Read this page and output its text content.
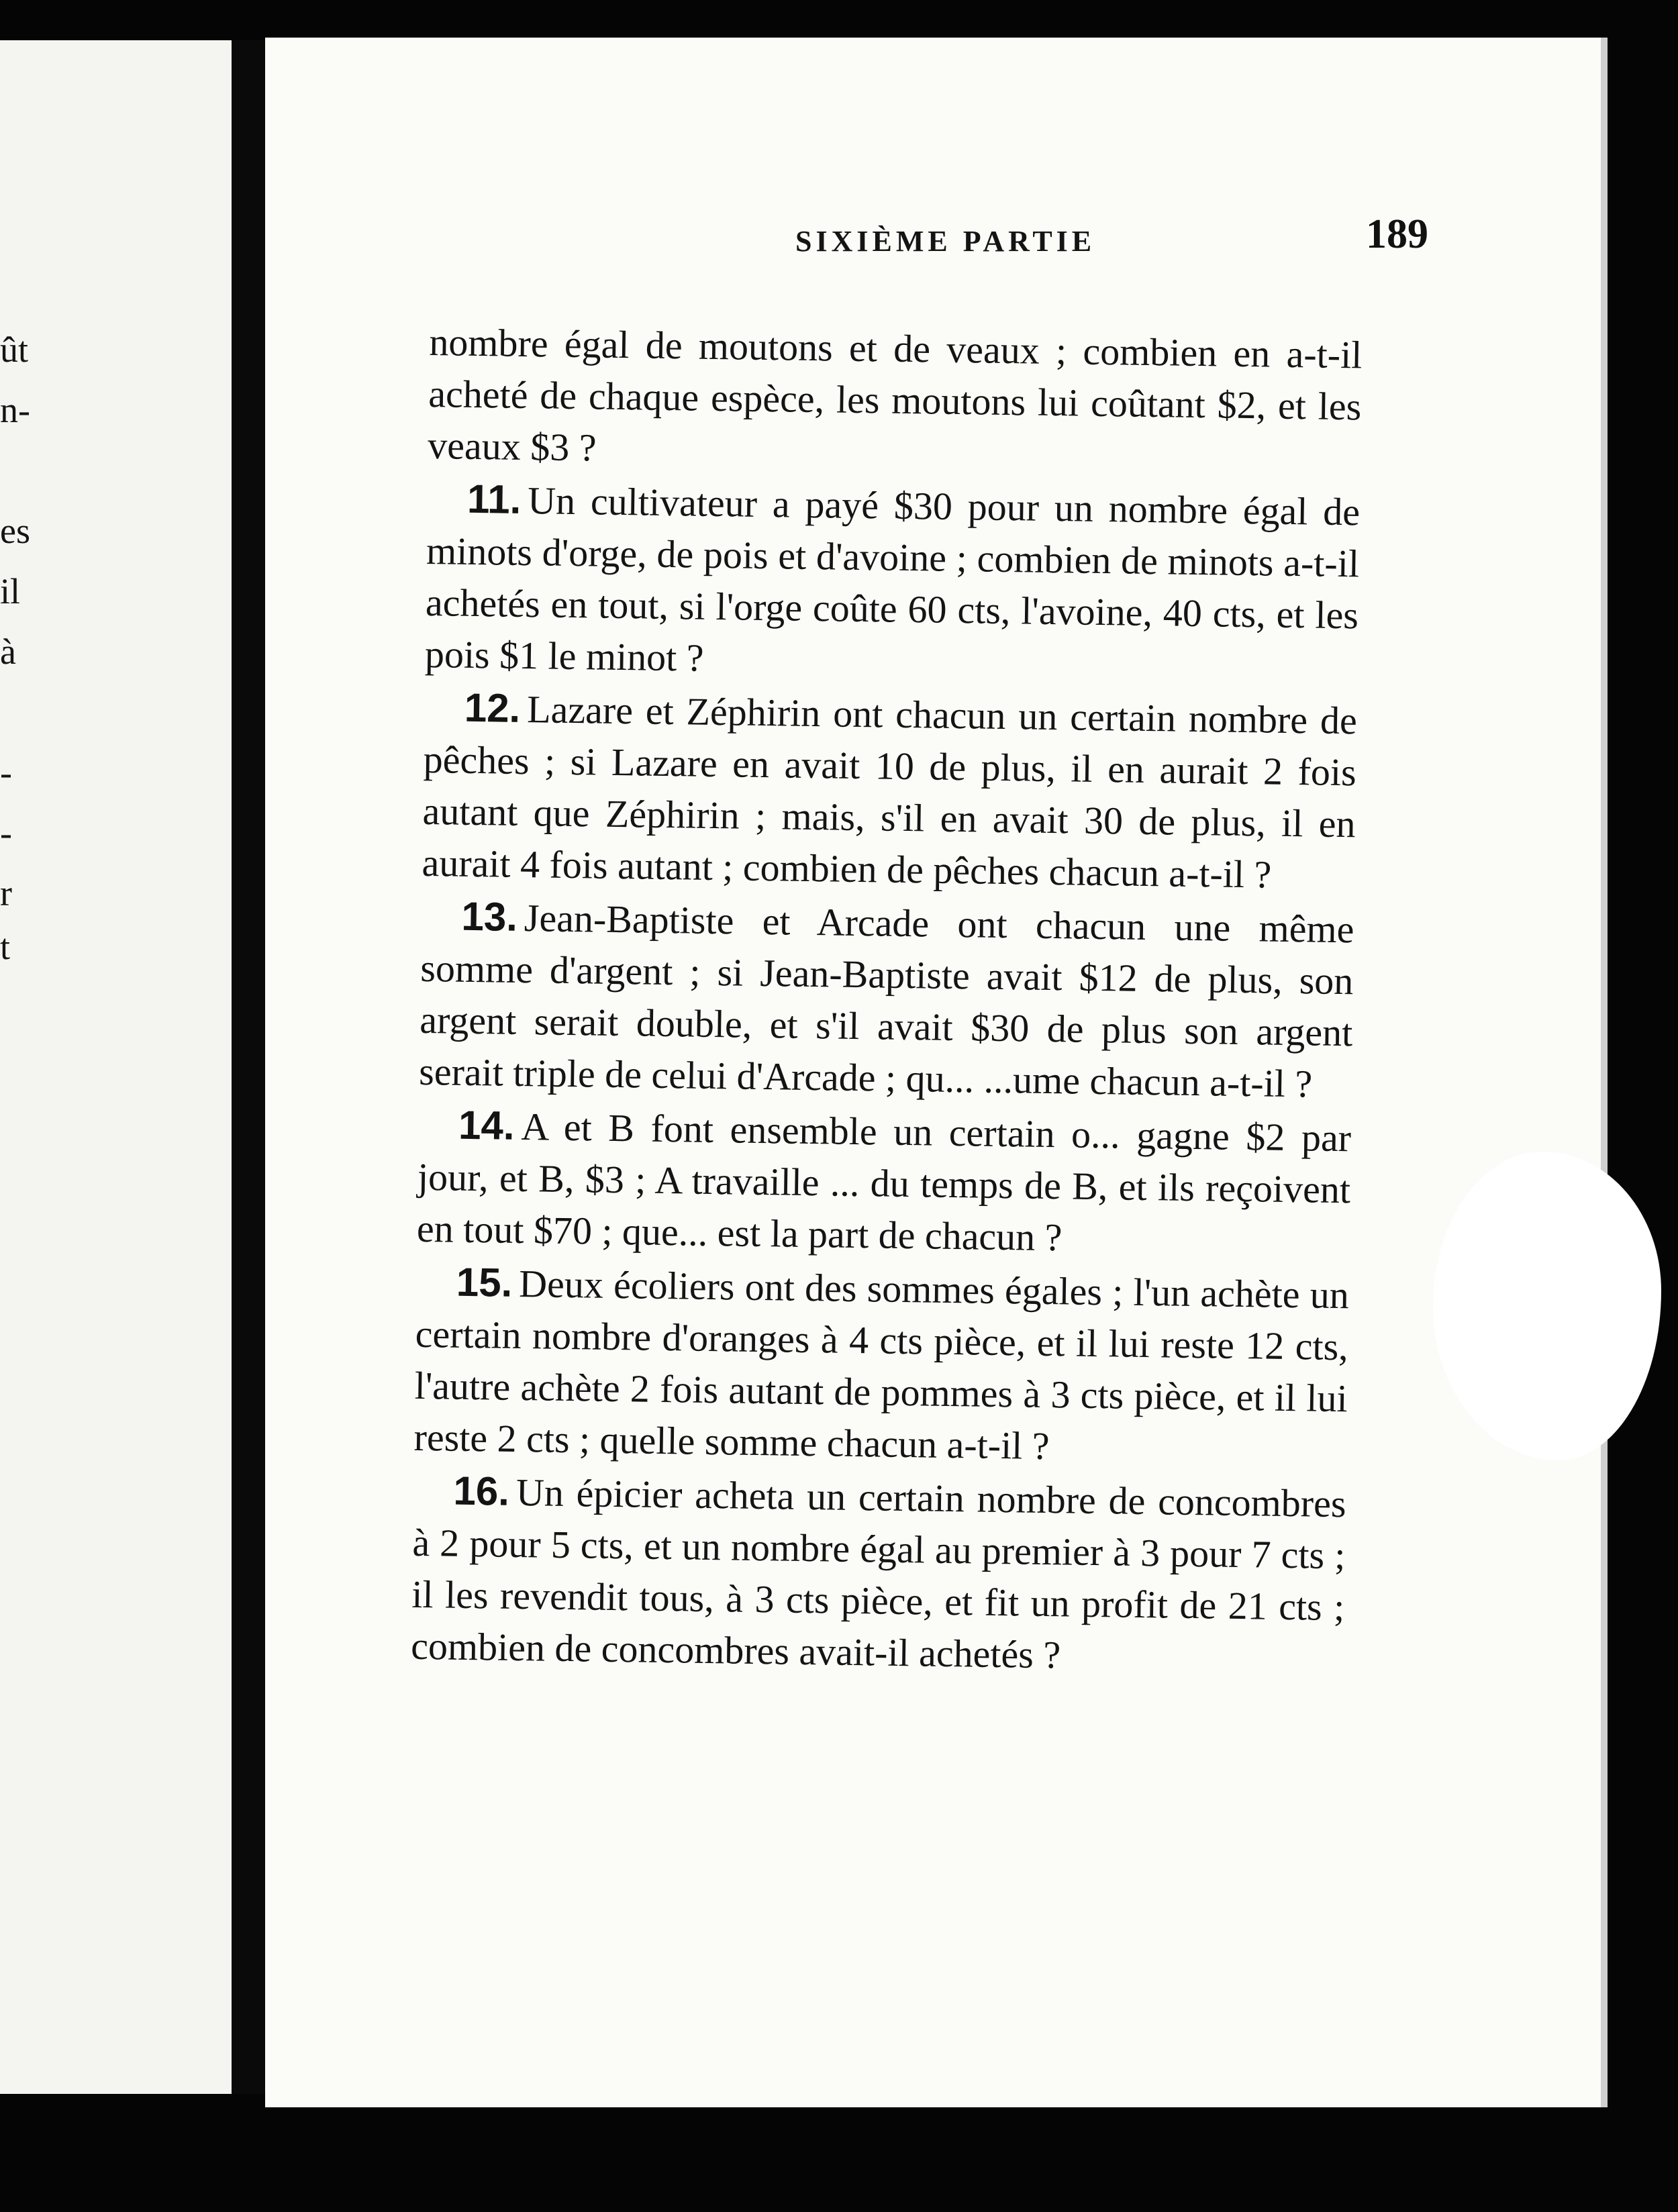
ût
n-
es
il
à
-
-
r
t
SIXIÈME PARTIE	189

nombre égal de moutons et de veaux ; combien en a-t-il acheté de chaque espèce, les moutons lui coûtant $2, et les veaux $3 ?

11. Un cultivateur a payé $30 pour un nombre égal de minots d'orge, de pois et d'avoine ; combien de minots a-t-il achetés en tout, si l'orge coûte 60 cts, l'avoine, 40 cts, et les pois $1 le minot ?

12. Lazare et Zéphirin ont chacun un certain nombre de pêches ; si Lazare en avait 10 de plus, il en aurait 2 fois autant que Zéphirin ; mais, s'il en avait 30 de plus, il en aurait 4 fois autant ; combien de pêches chacun a-t-il ?

13. Jean-Baptiste et Arcade ont chacun une même somme d'argent ; si Jean-Baptiste avait $12 de plus, son argent serait double, et s'il avait $30 de plus son argent serait triple de celui d'Arcade ; qu... ...ume chacun a-t-il ?

14. A et B font ensemble un certain o... gagne $2 par jour, et B, $3 ; A travaille ... du temps de B, et ils reçoivent en tout $70 ; que... est la part de chacun ?

15. Deux écoliers ont des sommes égales ; l'un achète un certain nombre d'oranges à 4 cts pièce, et il lui reste 12 cts, l'autre achète 2 fois autant de pommes à 3 cts pièce, et il lui reste 2 cts ; quelle somme chacun a-t-il ?

16. Un épicier acheta un certain nombre de concombres à 2 pour 5 cts, et un nombre égal au premier à 3 pour 7 cts ; il les revendit tous, à 3 cts pièce, et fit un profit de 21 cts ; combien de concombres avait-il achetés ?
